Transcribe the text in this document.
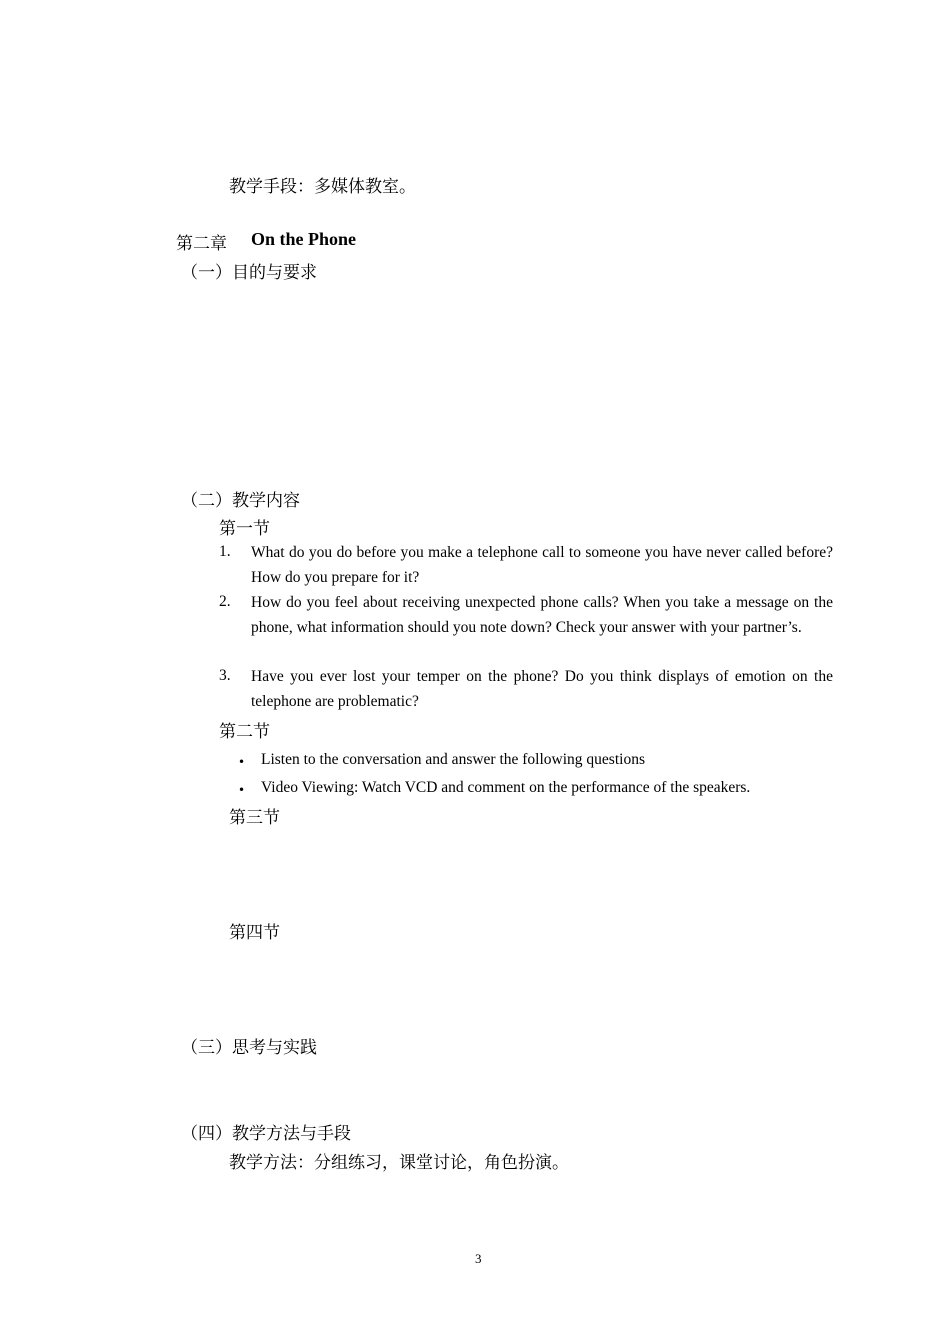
教学手段：多媒体教室。
第二章 On the Phone
（一）目的与要求
（二）教学内容
第一节
1. What do you do before you make a telephone call to someone you have never called before? How do you prepare for it?
2. How do you feel about receiving unexpected phone calls? When you take a message on the phone, what information should you note down? Check your answer with your partner’s.
3. Have you ever lost your temper on the phone? Do you think displays of emotion on the telephone are problematic?
第二节
• Listen to the conversation and answer the following questions
• Video Viewing: Watch VCD and comment on the performance of the speakers.
第三节
第四节
（三）思考与实践
（四）教学方法与手段
教学方法：分组练习，课堂讨论，角色扮演。
3
